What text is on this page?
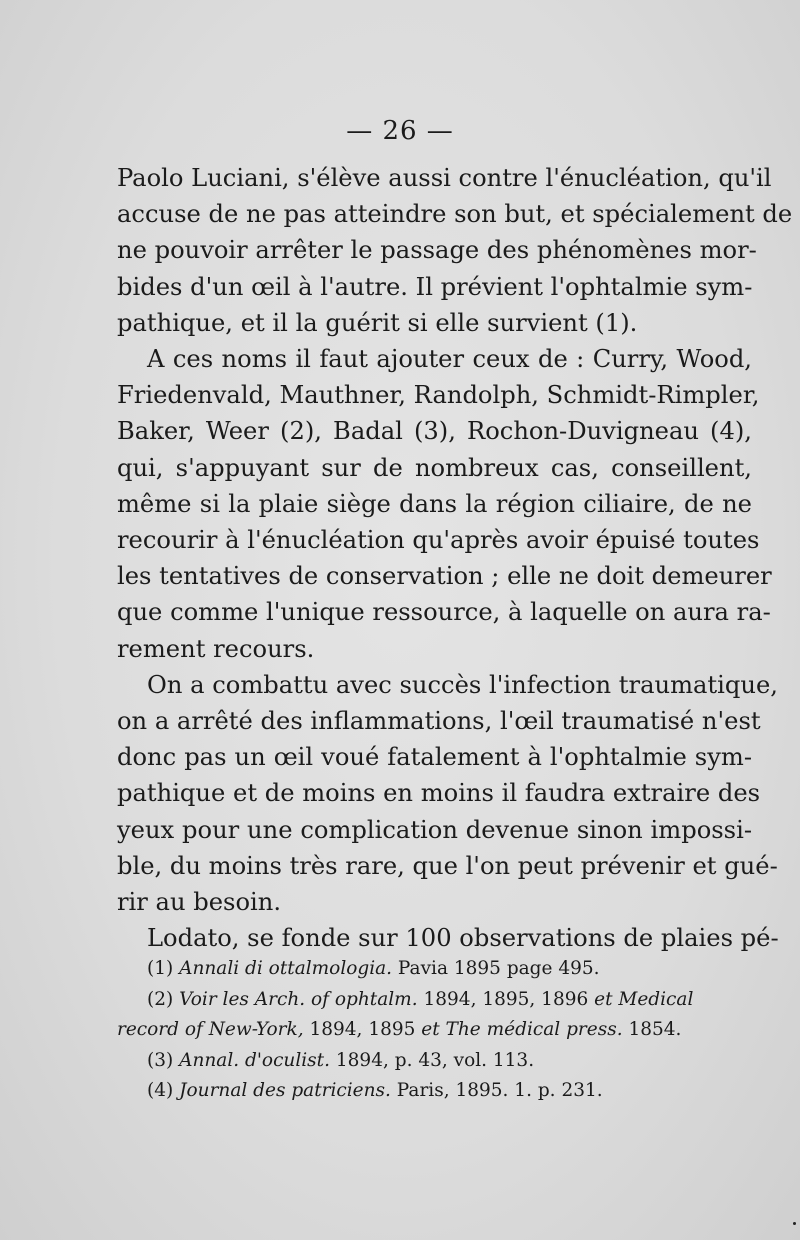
— 26 —
Paolo Luciani, s'élève aussi contre l'énucléation, qu'il
accuse de ne pas atteindre son but, et spécialement de
ne pouvoir arrêter le passage des phénomènes mor-
bides d'un œil à l'autre. Il prévient l'ophtalmie sym-
pathique, et il la guérit si elle survient (1).
A ces noms il faut ajouter ceux de : Curry, Wood,
Friedenvald, Mauthner, Randolph, Schmidt-Rimpler,
Baker, Weer (2), Badal (3), Rochon-Duvigneau (4),
qui, s'appuyant sur de nombreux cas, conseillent,
même si la plaie siège dans la région ciliaire, de ne
recourir à l'énucléation qu'après avoir épuisé toutes
les tentatives de conservation ; elle ne doit demeurer
que comme l'unique ressource, à laquelle on aura ra-
rement recours.
On a combattu avec succès l'infection traumatique,
on a arrêté des inflammations, l'œil traumatisé n'est
donc pas un œil voué fatalement à l'ophtalmie sym-
pathique et de moins en moins il faudra extraire des
yeux pour une complication devenue sinon impossi-
ble, du moins très rare, que l'on peut prévenir et gué-
rir au besoin.
Lodato, se fonde sur 100 observations de plaies pé-
(1) Annali di ottalmologia. Pavia 1895 page 495.
(2) Voir les Arch. of ophtalm. 1894, 1895, 1896 et Medical
record of New-York, 1894, 1895 et The médical press. 1854.
(3) Annal. d'oculist. 1894, p. 43, vol. 113.
(4) Journal des patriciens. Paris, 1895. 1. p. 231.
